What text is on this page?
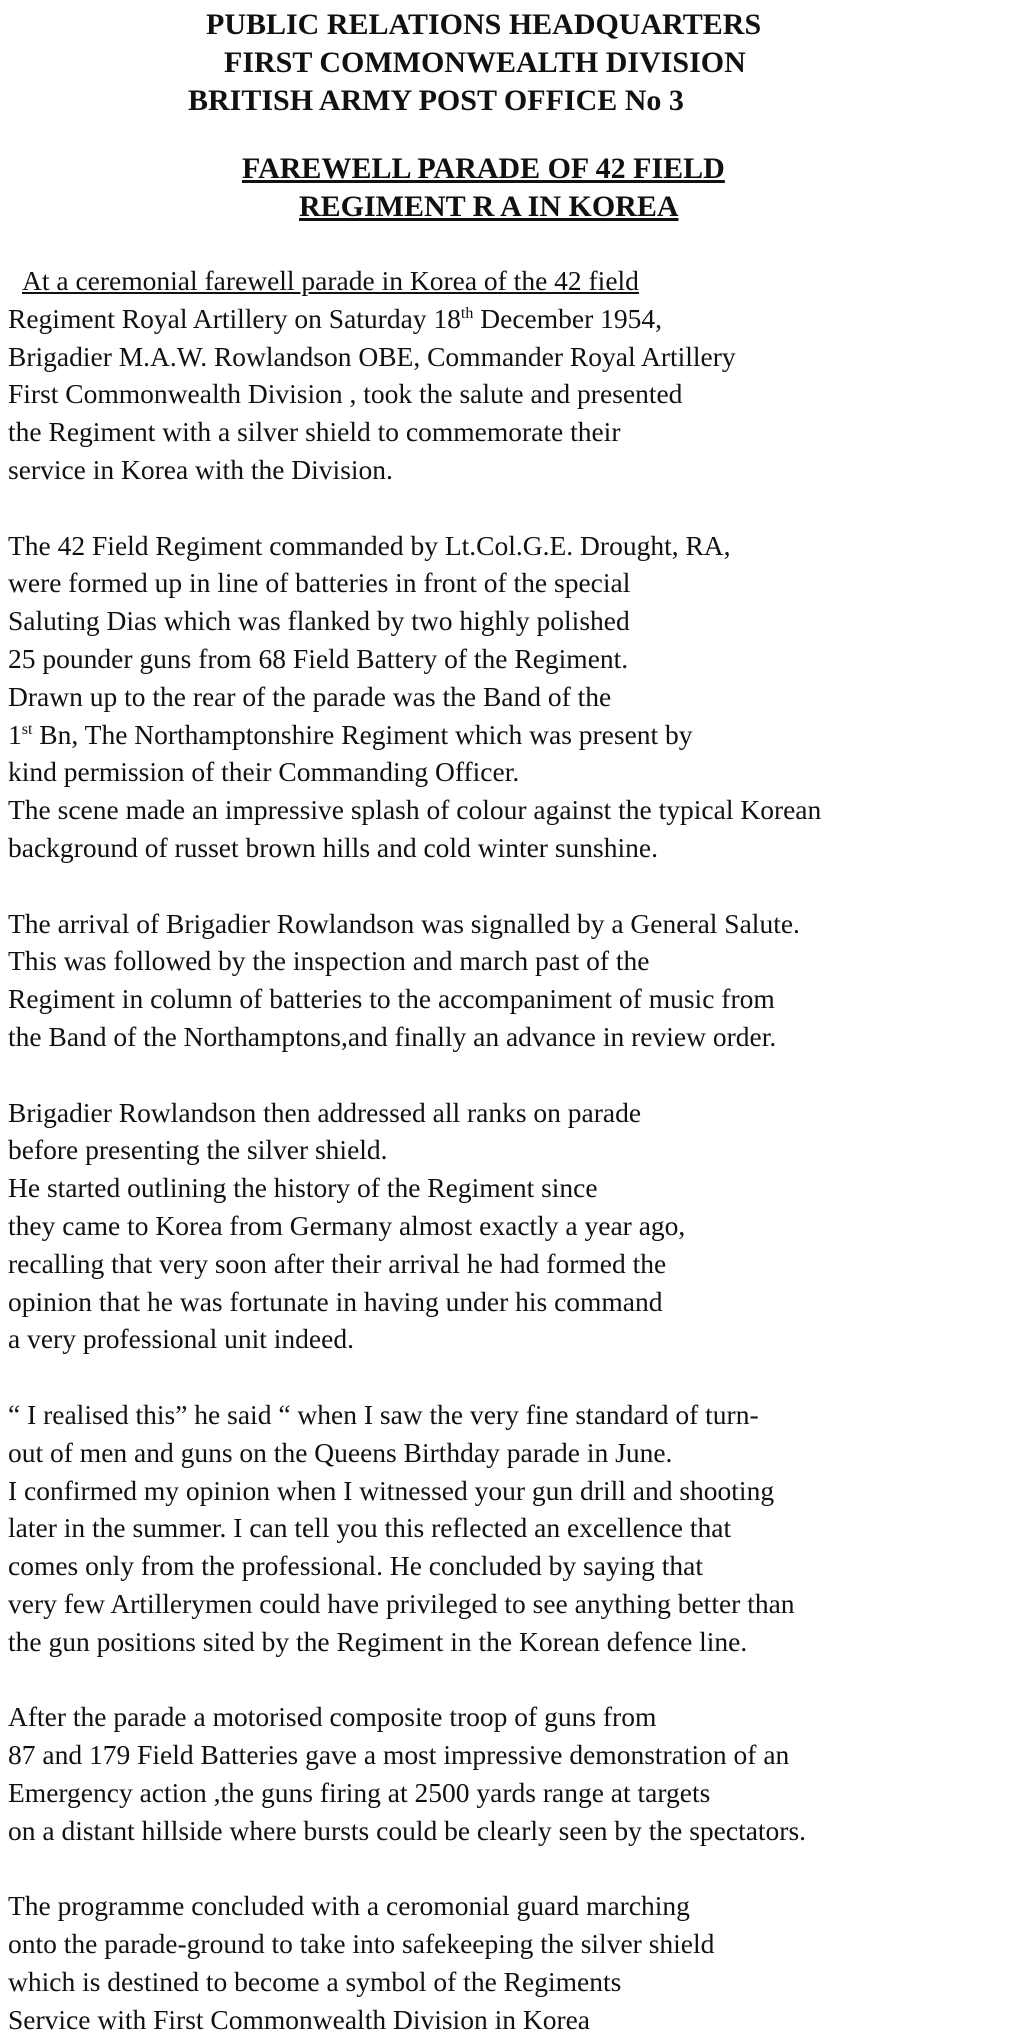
PUBLIC RELATIONS HEADQUARTERS
FIRST COMMONWEALTH DIVISION
BRITISH ARMY POST OFFICE No 3
FAREWELL PARADE OF 42 FIELD
REGIMENT R A IN KOREA
At a ceremonial farewell parade in Korea of the 42 field
Regiment Royal Artillery on Saturday 18th December 1954,
Brigadier M.A.W. Rowlandson OBE, Commander Royal Artillery
First Commonwealth Division , took the salute and presented
the Regiment with a silver shield to commemorate their
service in Korea with the Division.
The 42 Field Regiment commanded by Lt.Col.G.E. Drought, RA,
were formed up in line of batteries in front of the special
Saluting Dias which was flanked by two highly polished
25 pounder guns from 68 Field Battery of the Regiment.
Drawn up to the rear of the parade was the Band of the
1st Bn, The Northamptonshire Regiment which was present by
kind permission of their Commanding Officer.
The scene made an impressive splash of colour against the typical Korean
background of russet brown hills and cold winter sunshine.
The arrival of Brigadier Rowlandson was signalled by a General Salute.
This was followed by the inspection and march past of the
Regiment in column of batteries to the accompaniment of music from
the Band of the Northamptons,and finally an advance in review order.
Brigadier Rowlandson then addressed all ranks on parade
before presenting the silver shield.
He started outlining the history of the Regiment since
they came to Korea from Germany almost exactly a year ago,
recalling that very soon after their arrival he had formed the
opinion that he was fortunate in having under his command
a very professional unit indeed.
“ I realised this” he said “ when I saw the very fine standard of turn-
out of men and guns on the Queens Birthday parade in June.
I confirmed my opinion when I witnessed your gun drill and shooting
later in the summer. I can tell you this reflected an excellence that
comes only from the professional. He concluded by saying that
very few Artillerymen could have privileged to see anything better than
the gun positions sited by the Regiment in the Korean defence line.
After the parade a motorised composite troop of guns from
87 and 179 Field Batteries gave a most impressive demonstration of an
Emergency action ,the guns firing at 2500 yards range at targets
on a distant hillside where bursts could be clearly seen by the spectators.
The programme concluded with a ceromonial guard marching
onto the parade-ground to take into safekeeping the silver shield
which is destined to become a symbol of the Regiments
Service with First Commonwealth Division in Korea
